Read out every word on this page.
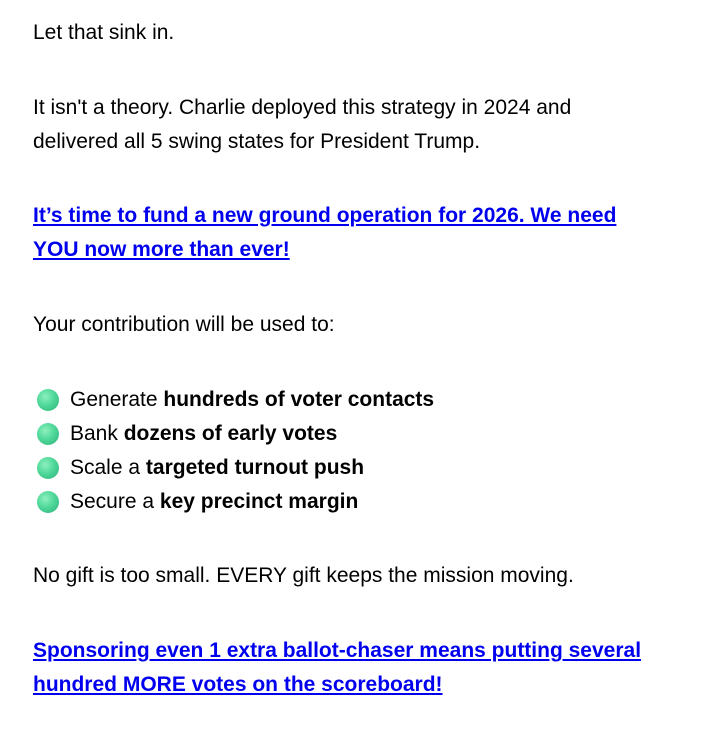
Let that sink in.

It isn't a theory. Charlie deployed this strategy in 2024 and
delivered all 5 swing states for President Trump.

It’s time to fund a new ground operation for 2026. We need
YOU now more than ever!

Your contribution will be used to:

Generate
hundreds of voter contacts
Bank
dozens of early votes
Scale a
targeted turnout push
Secure a
key precinct margin

No gift is too small. EVERY gift keeps the mission moving.

Sponsoring even 1 extra ballot-chaser means putting several
hundred MORE votes on the scoreboard!
